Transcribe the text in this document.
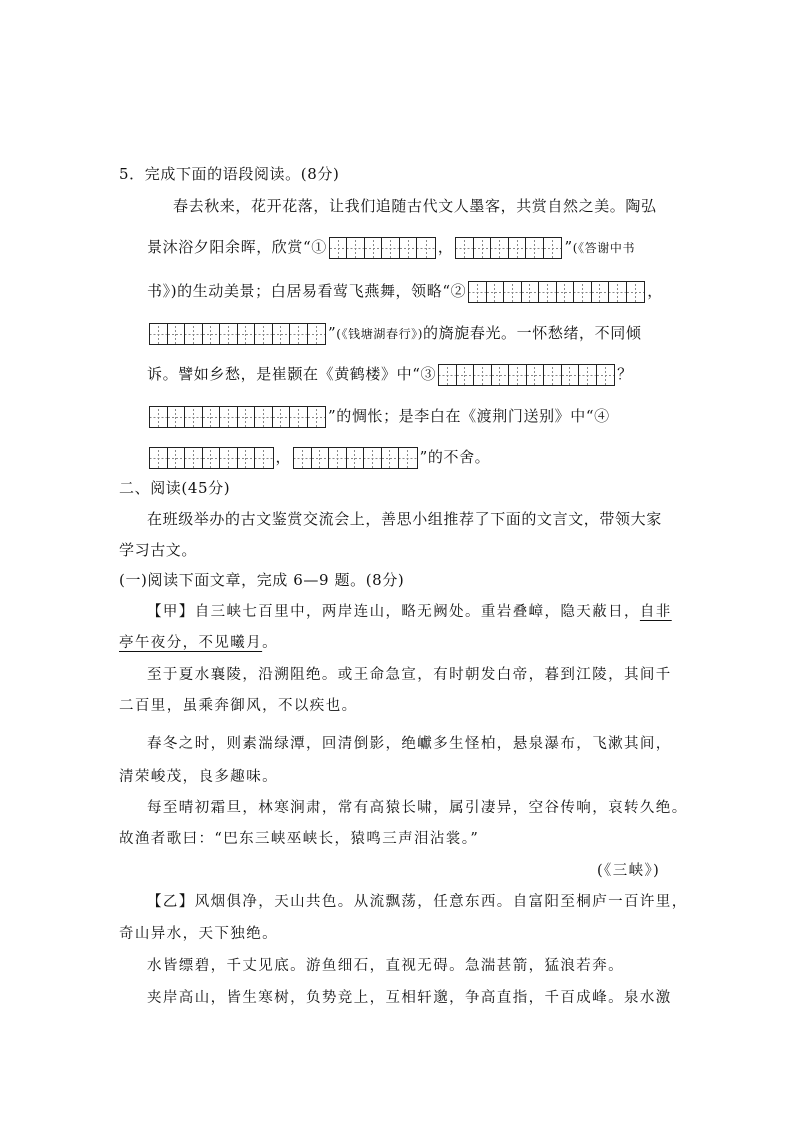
5．完成下面的语段阅读。(8分)
春去秋来，花开花落，让我们追随古代文人墨客，共赏自然之美。陶弘
景沐浴夕阳余晖，欣赏“①	，	”(《答谢中书
书》)的生动美景；白居易看莺飞燕舞，领略“②	，
”(《钱塘湖春行》)的旖旎春光。一怀愁绪，不同倾
诉。譬如乡愁，是崔颢在《黄鹤楼》中“③	？
”的惆怅；是李白在《渡荆门送别》中“④
，	”的不舍。
二、阅读(45分)
在班级举办的古文鉴赏交流会上，善思小组推荐了下面的文言文，带领大家
学习古文。
(一)阅读下面文章，完成 6—9 题。(8分)
【甲】自三峡七百里中，两岸连山，略无阙处。重岩叠嶂，隐天蔽日，自非
亭午夜分，不见曦月。
至于夏水襄陵，沿溯阻绝。或王命急宣，有时朝发白帝，暮到江陵，其间千
二百里，虽乘奔御风，不以疾也。
春冬之时，则素湍绿潭，回清倒影，绝巘多生怪柏，悬泉瀑布，飞漱其间，
清荣峻茂，良多趣味。
每至晴初霜旦，林寒涧肃，常有高猿长啸，属引凄异，空谷传响，哀转久绝。
故渔者歌曰：“巴东三峡巫峡长，猿鸣三声泪沾裳。”
(《三峡》)
【乙】风烟俱净，天山共色。从流飘荡，任意东西。自富阳至桐庐一百许里，
奇山异水，天下独绝。
水皆缥碧，千丈见底。游鱼细石，直视无碍。急湍甚箭，猛浪若奔。
夹岸高山，皆生寒树，负势竞上，互相轩邈，争高直指，千百成峰。泉水激
